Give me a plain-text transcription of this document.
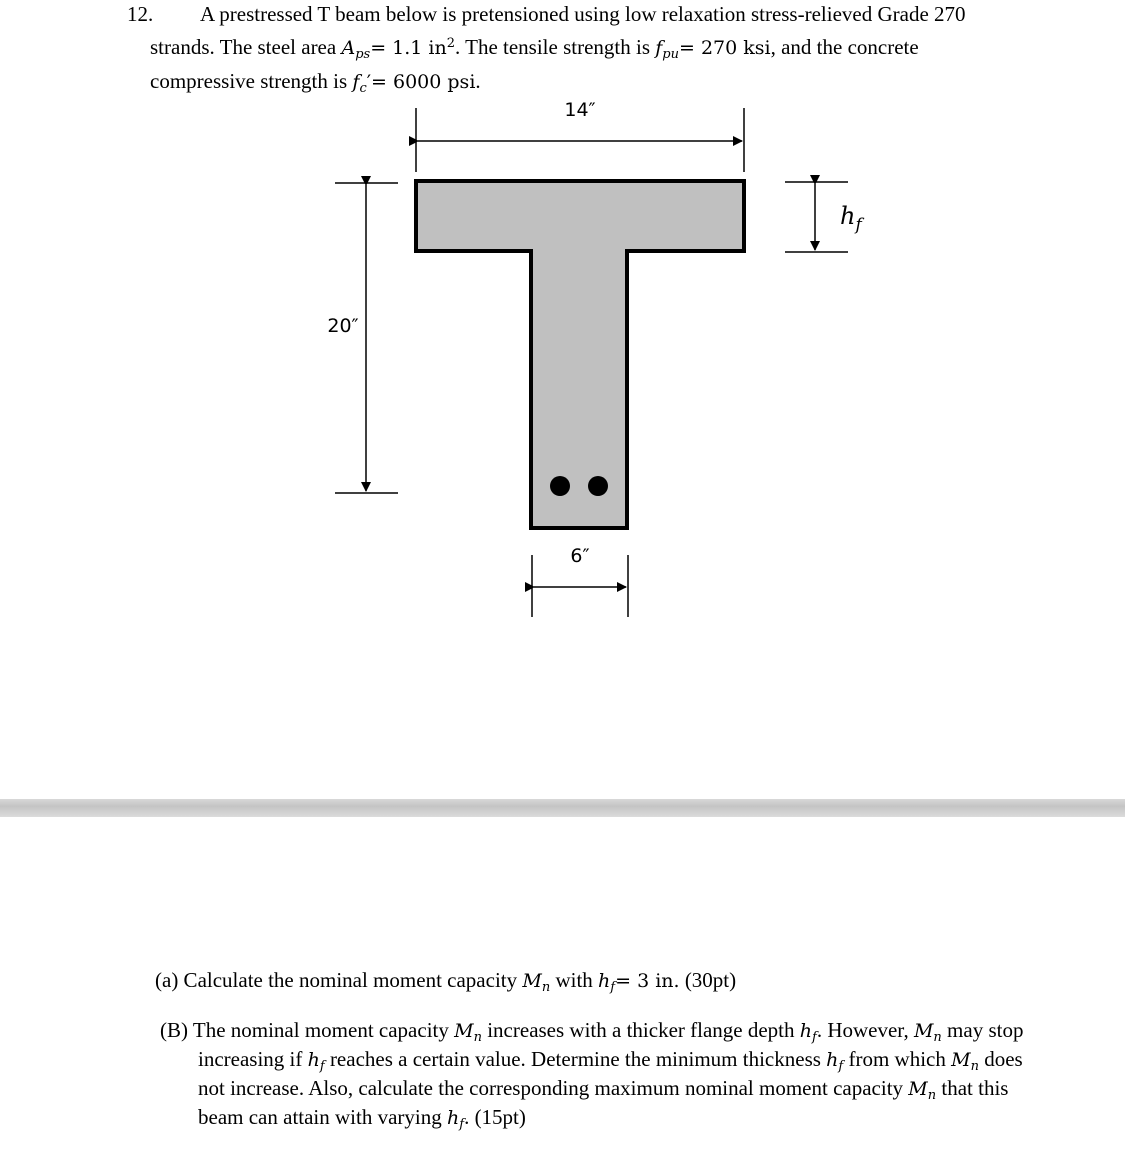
12. A prestressed T beam below is pretensioned using low relaxation stress-relieved Grade 270
strands. The steel area $A_{ps}= 1.1$ $in^2$. The tensile strength is $f_{pu}= 270$ ksi, and the concrete
compressive strength is $f_c'= 6000$ psi.
14″
20″
$h_f$
6″
(a) Calculate the nominal moment capacity $M_n$ with $h_f= 3$ in. (30pt)
(B) The nominal moment capacity $M_n$ increases with a thicker flange depth $h_f$. However, $M_n$ may stop
increasing if $h_f$ reaches a certain value. Determine the minimum thickness $h_f$ from which $M_n$ does
not increase. Also, calculate the corresponding maximum nominal moment capacity $M_n$ that this
beam can attain with varying $h_f$. (15pt)
